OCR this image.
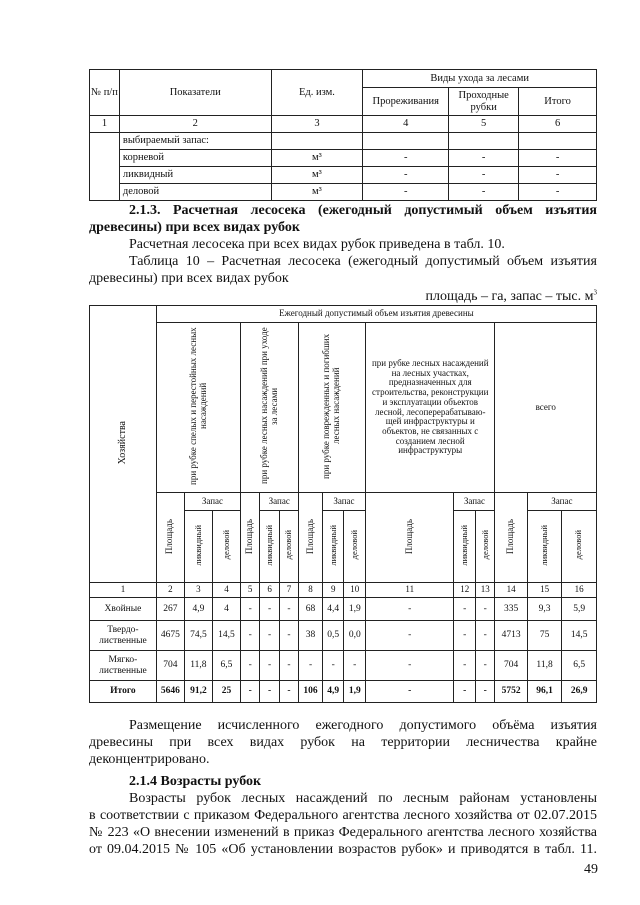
№ п/п	Показатели	Ед. изм.	Виды ухода за лесами		
			Прореживания	Проходные рубки	Итого
1	2	3	4	5	6
	выбираемый запас:				
	корневой	м³	-	-	-
	ликвидный	м³	-	-	-
	деловой	м³	-	-	-
2.1.3. Расчетная лесосека (ежегодный допустимый объем изъятия
древесины) при всех видах рубок
Расчетная лесосека при всех видах рубок приведена в табл. 10.
Таблица 10 – Расчетная лесосека (ежегодный допустимый объем изъятия
древесины) при всех видах рубок
площадь – га, запас – тыс. $м^3$
Хозяйства	Ежегодный допустимый объем изъятия древесины														
	при рубке спелых и перестойных лесных насаждений			при рубке лесных насаждений при уходе за лесами			при рубке поврежденных и погибших лесных насаждений			при рубке лесных насаждений на лесных участках, предназначенных для строительства, реконструкции и эксплуатации объектов лесной, лесоперерабатываю-щей инфраструктуры и объектов, не связанных с созданием лесной инфраструктуры			всего		
	Площадь	Запас		Площадь	Запас		Площадь	Запас		Площадь	Запас		Площадь	Запас	
		ликвидный	деловой		ликвидный	деловой		ликвидный	деловой		ликвидный	деловой		ликвидный	деловой
1	2	3	4	5	6	7	8	9	10	11	12	13	14	15	16
Хвойные	267	4,9	4	-	-	-	68	4,4	1,9	-	-	-	335	9,3	5,9
Твердо-лиственные	4675	74,5	14,5	-	-	-	38	0,5	0,0	-	-	-	4713	75	14,5
Мягко-лиственные	704	11,8	6,5	-	-	-	-	-	-	-	-	-	704	11,8	6,5
Итого	5646	91,2	25	-	-	-	106	4,9	1,9	-	-	-	5752	96,1	26,9
Размещение исчисленного ежегодного допустимого объёма изъятия
древесины при всех видах рубок на территории лесничества крайне
деконцентрировано.
2.1.4 Возрасты рубок
Возрасты рубок лесных насаждений по лесным районам установлены
в соответствии с приказом Федерального агентства лесного хозяйства от 02.07.2015
№ 223 «О внесении изменений в приказ Федерального агентства лесного хозяйства
от 09.04.2015 № 105 «Об установлении возрастов рубок» и приводятся в табл. 11.
49
